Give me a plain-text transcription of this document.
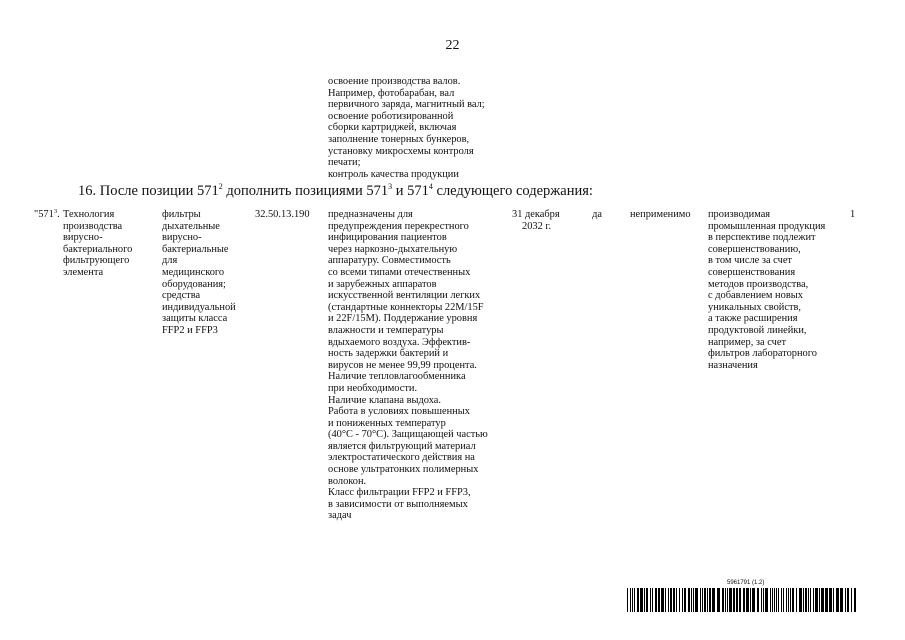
22
освоение производства валов.
Например, фотобарабан, вал
первичного заряда, магнитный вал;
освоение роботизированной
сборки картриджей, включая
заполнение тонерных бункеров,
установку микросхемы контроля
печати;
контроль качества продукции
16. После позиции $571^2$ дополнить позициями $571^3$ и $571^4$ следующего содержания:
"$571^3$. Технология
производства
вирусно-
бактериального
фильтрующего
элемента
фильтры
дыхательные
вирусно-
бактериальные
для
медицинского
оборудования;
средства
индивидуальной
защиты класса
FFP2 и FFP3
32.50.13.190 предназначены для
предупреждения перекрестного
инфицирования пациентов
через наркозно-дыхательную
аппаратуру. Совместимость
со всеми типами отечественных
и зарубежных аппаратов
искусственной вентиляции легких
(стандартные коннекторы 22M/15F
и 22F/15M). Поддержание уровня
влажности и температуры
вдыхаемого воздуха. Эффектив-
ность задержки бактерий и
вирусов не менее 99,99 процента.
Наличие тепловлагообменника
при необходимости.
Наличие клапана выдоха.
Работа в условиях повышенных
и пониженных температур
(40°C - 70°C). Защищающей частью
является фильтрующий материал
электростатического действия на
основе ультратонких полимерных
волокон.
Класс фильтрации FFP2 и FFP3,
в зависимости от выполняемых
задач
31 декабря	да
2032 г.
неприменимо производимая
промышленная продукция
в перспективе подлежит
совершенствованию,
в том числе за счет
совершенствования
методов производства,
с добавлением новых
уникальных свойств,
а также расширения
продуктовой линейки,
например, за счет
фильтров лабораторного
назначения
1
5961791 (1.2)
